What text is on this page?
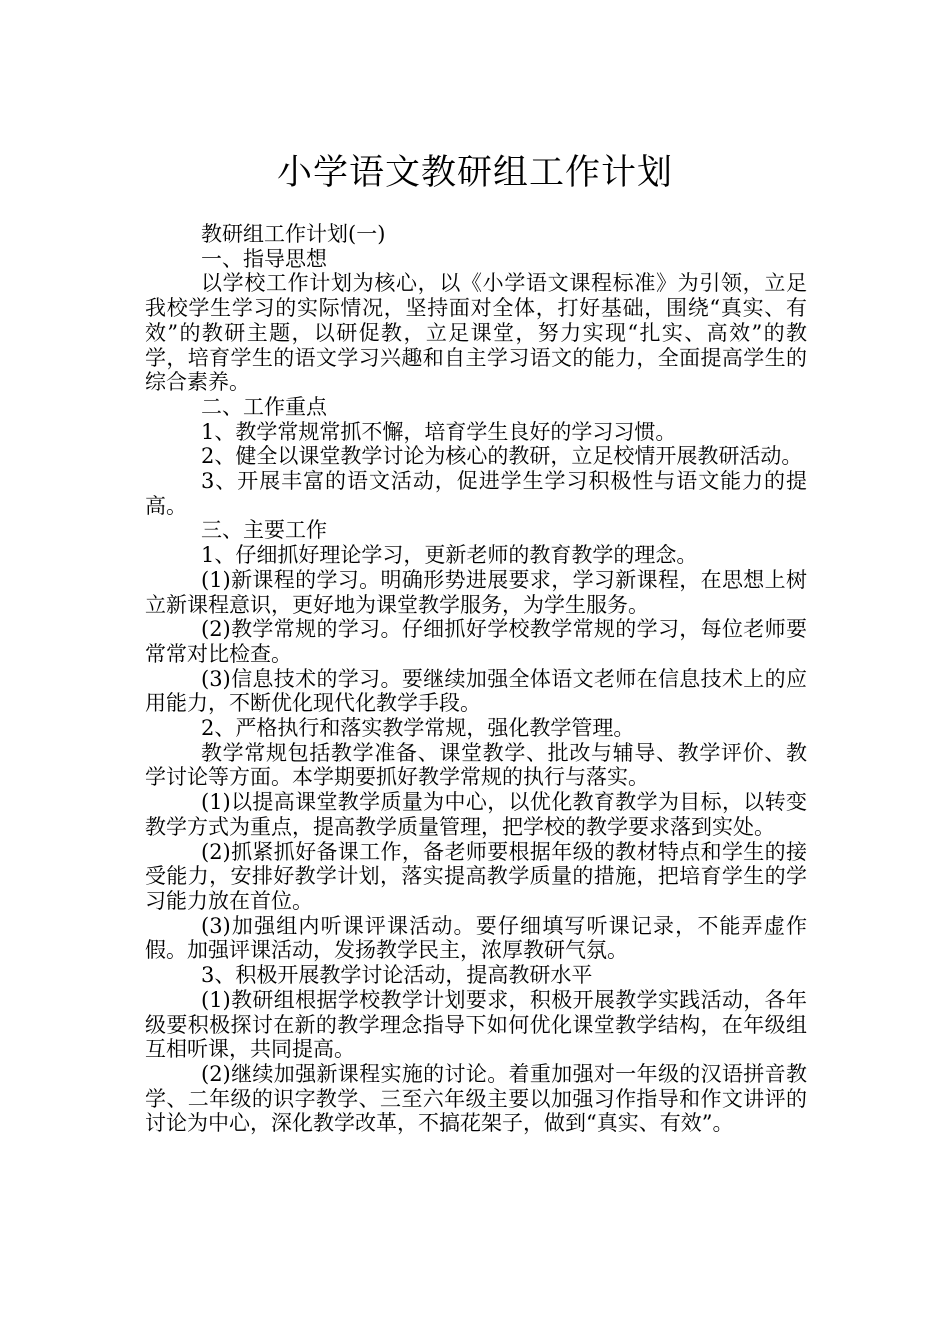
小学语文教研组工作计划

教研组工作计划(一)

一、指导思想

以学校工作计划为核心，以《小学语文课程标准》为引领，立足我校学生学习的实际情况，坚持面对全体，打好基础，围绕“真实、有效”的教研主题，以研促教，立足课堂，努力实现“扎实、高效”的教学，培育学生的语文学习兴趣和自主学习语文的能力，全面提高学生的综合素养。

二、工作重点

1、教学常规常抓不懈，培育学生良好的学习习惯。

2、健全以课堂教学讨论为核心的教研，立足校情开展教研活动。

3、开展丰富的语文活动，促进学生学习积极性与语文能力的提高。

三、主要工作

1、仔细抓好理论学习，更新老师的教育教学的理念。

(1)新课程的学习。明确形势进展要求，学习新课程，在思想上树立新课程意识，更好地为课堂教学服务，为学生服务。

(2)教学常规的学习。仔细抓好学校教学常规的学习，每位老师要常常对比检查。

(3)信息技术的学习。要继续加强全体语文老师在信息技术上的应用能力，不断优化现代化教学手段。

2、严格执行和落实教学常规，强化教学管理。

教学常规包括教学准备、课堂教学、批改与辅导、教学评价、教学讨论等方面。本学期要抓好教学常规的执行与落实。

(1)以提高课堂教学质量为中心，以优化教育教学为目标，以转变教学方式为重点，提高教学质量管理，把学校的教学要求落到实处。

(2)抓紧抓好备课工作，备老师要根据年级的教材特点和学生的接受能力，安排好教学计划，落实提高教学质量的措施，把培育学生的学习能力放在首位。

(3)加强组内听课评课活动。要仔细填写听课记录，不能弄虚作假。加强评课活动，发扬教学民主，浓厚教研气氛。

3、积极开展教学讨论活动，提高教研水平

(1)教研组根据学校教学计划要求，积极开展教学实践活动，各年级要积极探讨在新的教学理念指导下如何优化课堂教学结构，在年级组互相听课，共同提高。

(2)继续加强新课程实施的讨论。着重加强对一年级的汉语拼音教学、二年级的识字教学、三至六年级主要以加强习作指导和作文讲评的讨论为中心，深化教学改革，不搞花架子，做到“真实、有效”。
